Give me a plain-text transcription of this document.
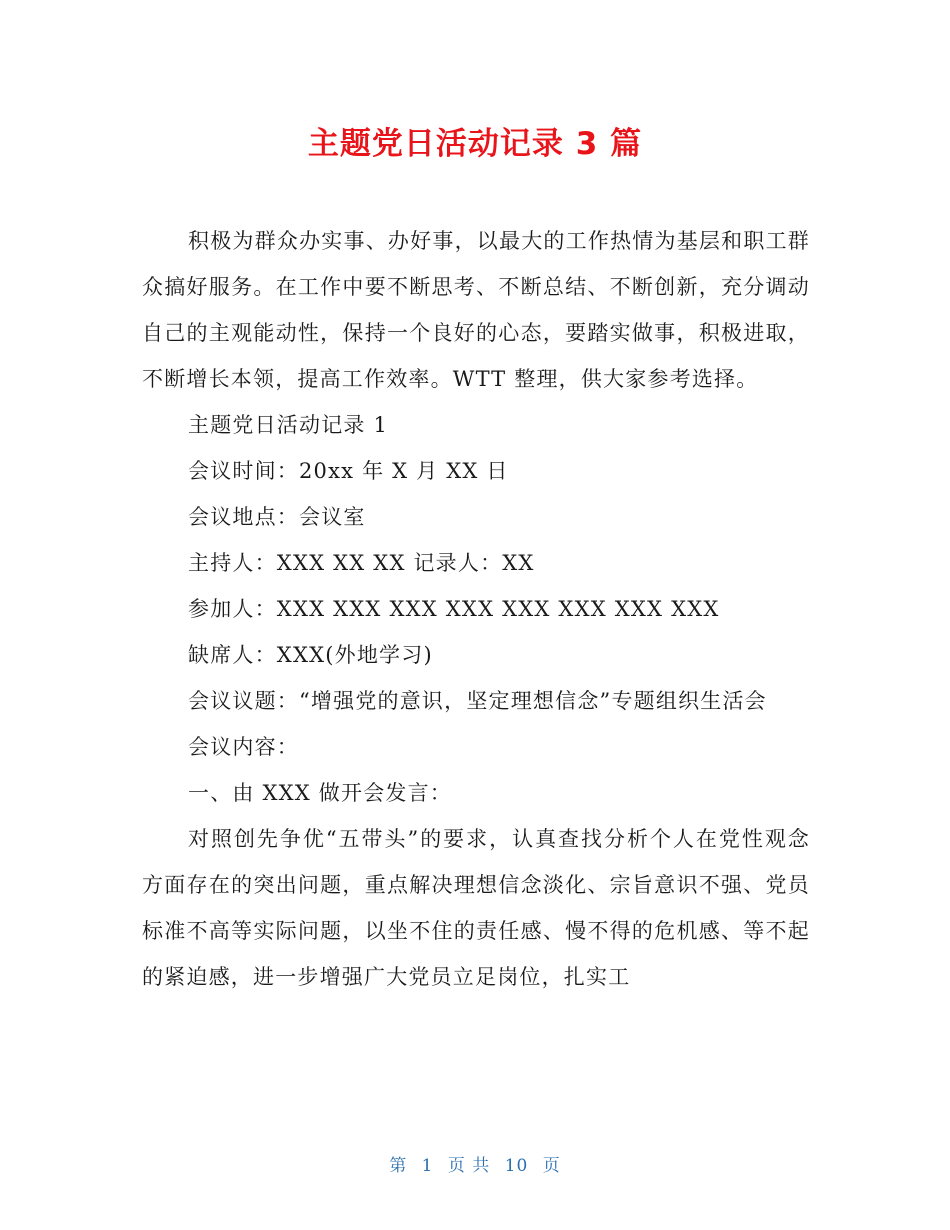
主题党日活动记录 3 篇

积极为群众办实事、办好事，以最大的工作热情为基层和职工群众搞好服务。在工作中要不断思考、不断总结、不断创新，充分调动自己的主观能动性，保持一个良好的心态，要踏实做事，积极进取，不断增长本领，提高工作效率。WTT 整理，供大家参考选择。

主题党日活动记录 1

会议时间：20xx 年 X 月 XX 日

会议地点：会议室

主持人：XXX XX XX 记录人：XX

参加人：XXX XXX XXX XXX XXX XXX XXX XXX

缺席人：XXX(外地学习)

会议议题：“增强党的意识，坚定理想信念”专题组织生活会

会议内容：

一、由 XXX 做开会发言：

对照创先争优“五带头”的要求，认真查找分析个人在党性观念方面存在的突出问题，重点解决理想信念淡化、宗旨意识不强、党员标准不高等实际问题，以坐不住的责任感、慢不得的危机感、等不起的紧迫感，进一步增强广大党员立足岗位，扎实工

第 1 页 共 10 页
